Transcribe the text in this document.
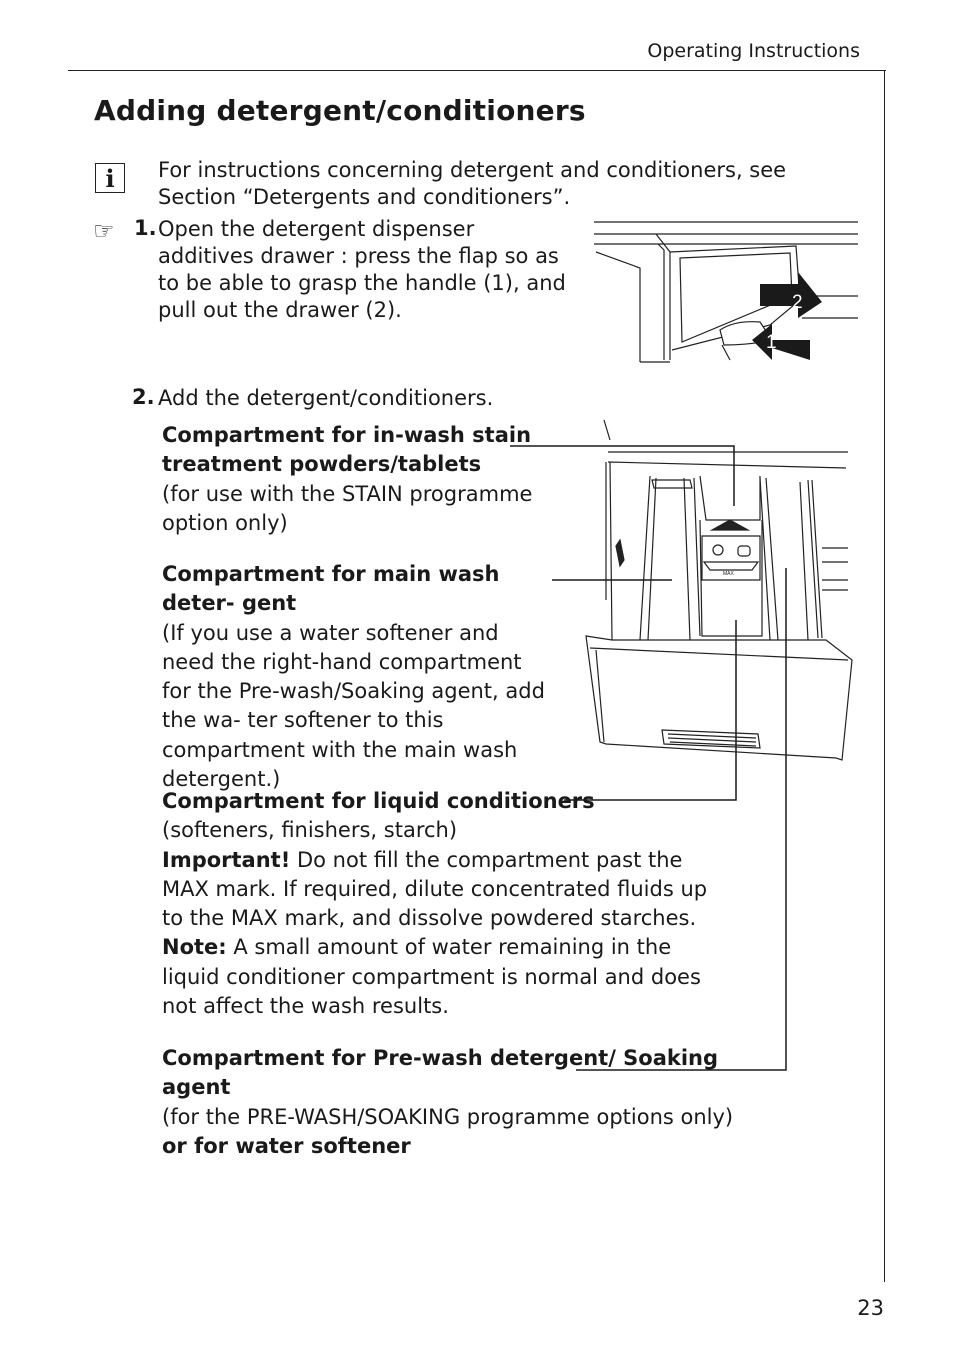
Operating Instructions
Adding detergent/conditioners
i	For instructions concerning detergent and conditioners, see Section “Detergents and conditioners”.
☞ 1. Open the detergent dispenser additives drawer : press the flap so as to be able to grasp the handle (1), and pull out the drawer (2).
2. Add the detergent/conditioners.
Compartment for in-wash stain treatment powders/tablets
(for use with the STAIN programme option only)
Compartment for main wash deter- gent
(If you use a water softener and need the right-hand compartment for the Pre-wash/Soaking agent, add the wa- ter softener to this compartment with the main wash detergent.)
Compartment for liquid conditioners
(softeners, finishers, starch)
Important! Do not fill the compartment past the MAX mark. If required, dilute concentrated fluids up to the MAX mark, and dissolve powdered starches.
Note: A small amount of water remaining in the liquid conditioner compartment is normal and does not affect the wash results.
Compartment for Pre-wash detergent/ Soaking agent
(for the PRE-WASH/SOAKING programme options only)
or for water softener
2
1
MAX
23
